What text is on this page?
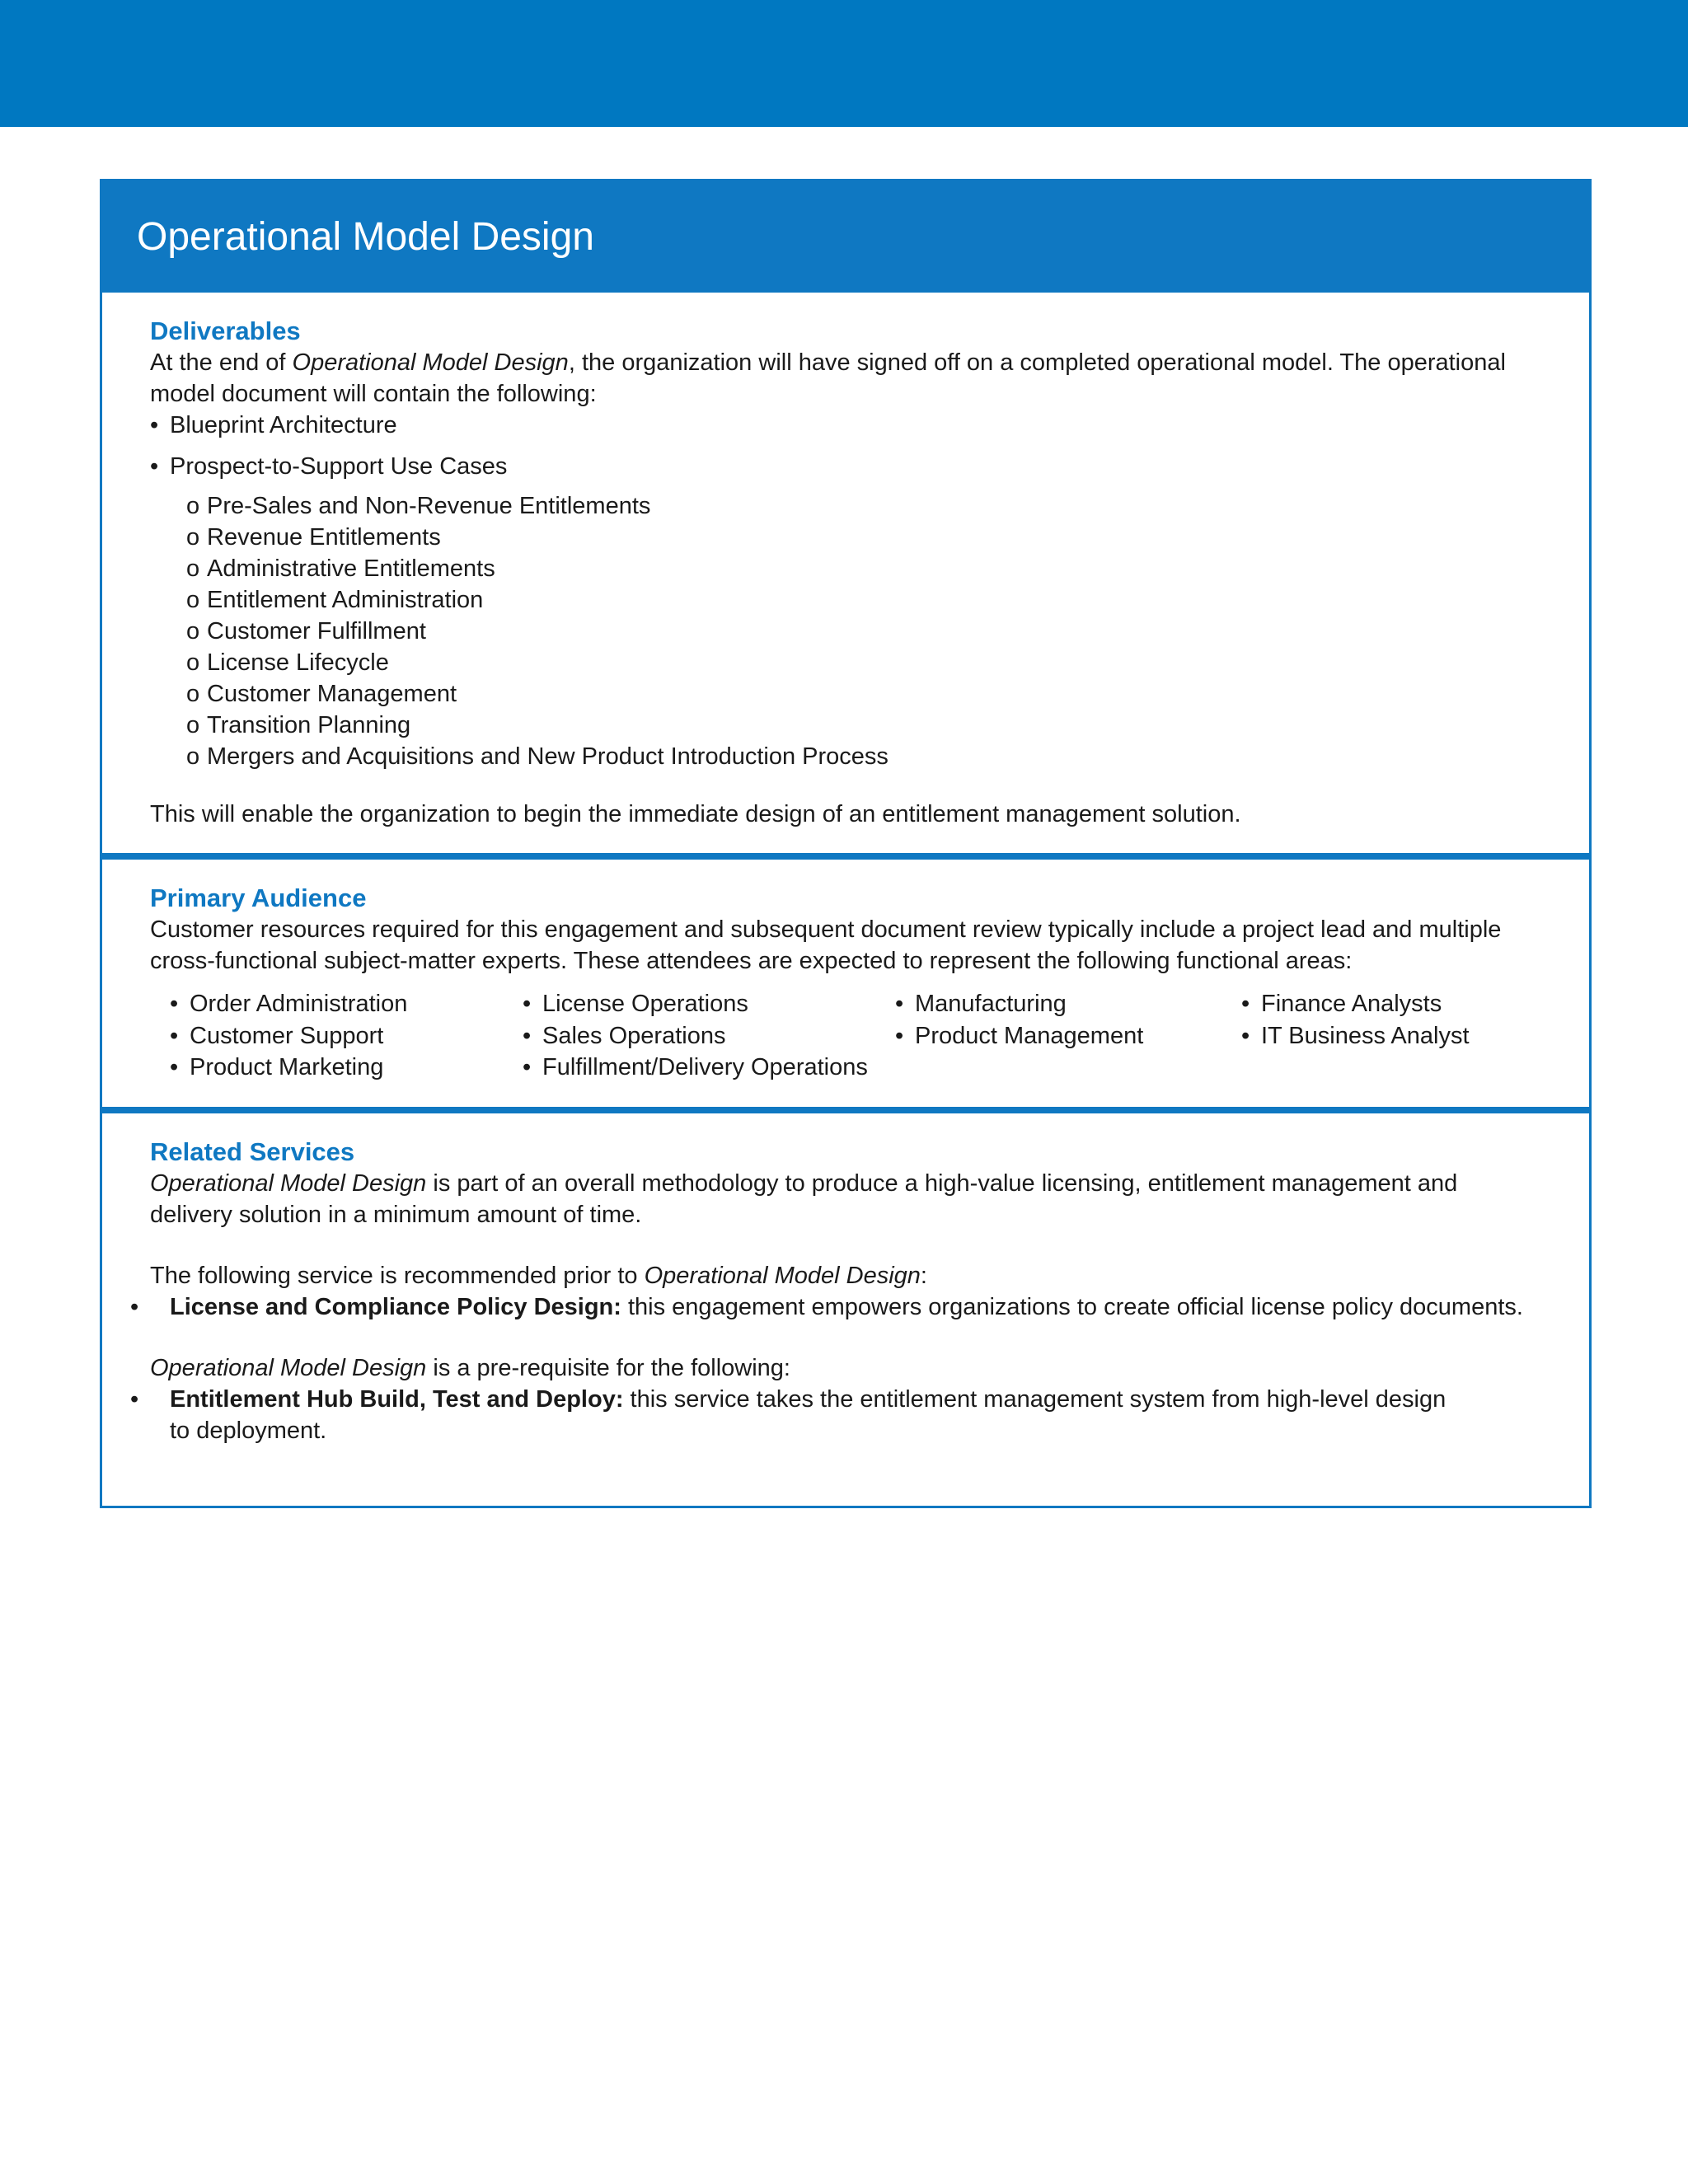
Operational Model Design
Deliverables

At the end of Operational Model Design, the organization will have signed off on a completed operational model. The operational model document will contain the following:

• Blueprint Architecture
• Prospect-to-Support Use Cases
o Pre-Sales and Non-Revenue Entitlements
o Revenue Entitlements
o Administrative Entitlements
o Entitlement Administration
o Customer Fulfillment
o License Lifecycle
o Customer Management
o Transition Planning
o Mergers and Acquisitions and New Product Introduction Process

This will enable the organization to begin the immediate design of an entitlement management solution.

Primary Audience

Customer resources required for this engagement and subsequent document review typically include a project lead and multiple cross-functional subject-matter experts. These attendees are expected to represent the following functional areas:

• Order Administration
• Customer Support
• Product Marketing
• License Operations
• Sales Operations
• Fulfillment/Delivery Operations
• Manufacturing
• Product Management
• Finance Analysts
• IT Business Analyst
Related Services

Operational Model Design is part of an overall methodology to produce a high-value licensing, entitlement management and delivery solution in a minimum amount of time.

The following service is recommended prior to Operational Model Design:

• License and Compliance Policy Design: this engagement empowers organizations to create official license policy documents.

Operational Model Design is a pre-requisite for the following:

• Entitlement Hub Build, Test and Deploy: this service takes the entitlement management system from high-level design to deployment.
